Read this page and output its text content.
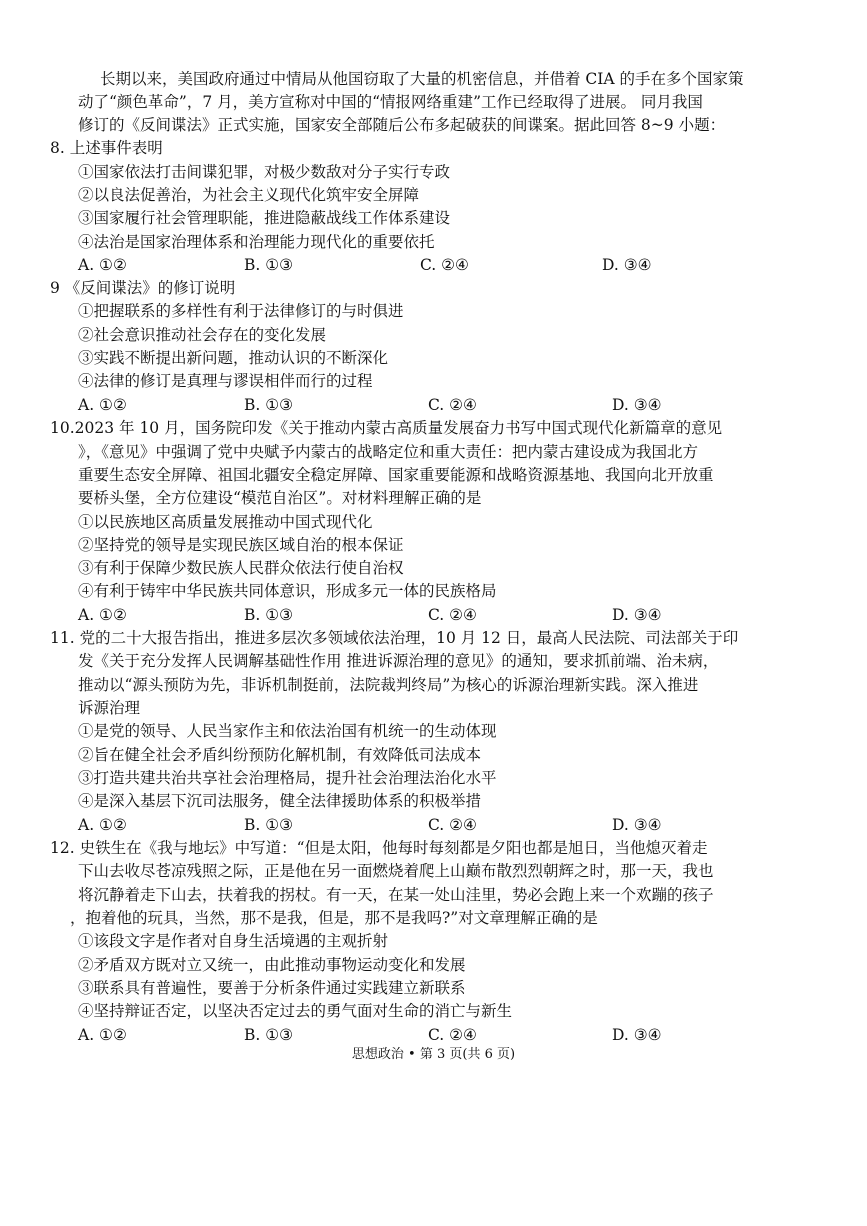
长期以来，美国政府通过中情局从他国窃取了大量的机密信息，并借着 CIA 的手在多个国家策
动了“颜色革命”，7 月，美方宣称对中国的“情报网络重建”工作已经取得了进展。 同月我国
修订的《反间谍法》正式实施，国家安全部随后公布多起破获的间谍案。据此回答 8~9 小题：
8. 上述事件表明
①国家依法打击间谍犯罪，对极少数敌对分子实行专政
②以良法促善治，为社会主义现代化筑牢安全屏障
③国家履行社会管理职能，推进隐蔽战线工作体系建设
④法治是国家治理体系和治理能力现代化的重要依托
A. ①②	B. ①③	C. ②④	D. ③④
9 《反间谍法》的修订说明
①把握联系的多样性有利于法律修订的与时俱进
②社会意识推动社会存在的变化发展
③实践不断提出新问题，推动认识的不断深化
④法律的修订是真理与谬误相伴而行的过程
A. ①②	B. ①③	C. ②④	D. ③④
10.2023 年 10 月，国务院印发《关于推动内蒙古高质量发展奋力书写中国式现代化新篇章的意见
》，《意见》中强调了党中央赋予内蒙古的战略定位和重大责任：把内蒙古建设成为我国北方
重要生态安全屏障、祖国北疆安全稳定屏障、国家重要能源和战略资源基地、我国向北开放重
要桥头堡，全方位建设“模范自治区”。对材料理解正确的是
①以民族地区高质量发展推动中国式现代化
②坚持党的领导是实现民族区域自治的根本保证
③有利于保障少数民族人民群众依法行使自治权
④有利于铸牢中华民族共同体意识，形成多元一体的民族格局
A. ①②	B. ①③	C. ②④	D. ③④
11. 党的二十大报告指出，推进多层次多领域依法治理，10 月 12 日，最高人民法院、司法部关于印
发《关于充分发挥人民调解基础性作用 推进诉源治理的意见》的通知，要求抓前端、治未病，
推动以“源头预防为先，非诉机制挺前，法院裁判终局”为核心的诉源治理新实践。深入推进
诉源治理
①是党的领导、人民当家作主和依法治国有机统一的生动体现
②旨在健全社会矛盾纠纷预防化解机制，有效降低司法成本
③打造共建共治共享社会治理格局，提升社会治理法治化水平
④是深入基层下沉司法服务，健全法律援助体系的积极举措
A. ①②	B. ①③	C. ②④	D. ③④
12. 史铁生在《我与地坛》中写道：“但是太阳，他每时每刻都是夕阳也都是旭日，当他熄灭着走
下山去收尽苍凉残照之际，正是他在另一面燃烧着爬上山巅布散烈烈朝辉之时，那一天，我也
将沉静着走下山去，扶着我的拐杖。有一天，在某一处山洼里，势必会跑上来一个欢蹦的孩子
，抱着他的玩具，当然，那不是我，但是，那不是我吗?”对文章理解正确的是
①该段文字是作者对自身生活境遇的主观折射
②矛盾双方既对立又统一，由此推动事物运动变化和发展
③联系具有普遍性，要善于分析条件通过实践建立新联系
④坚持辩证否定，以坚决否定过去的勇气面对生命的消亡与新生
A. ①②	B. ①③	C. ②④	D. ③④
思想政治 • 第 3 页(共 6 页)
